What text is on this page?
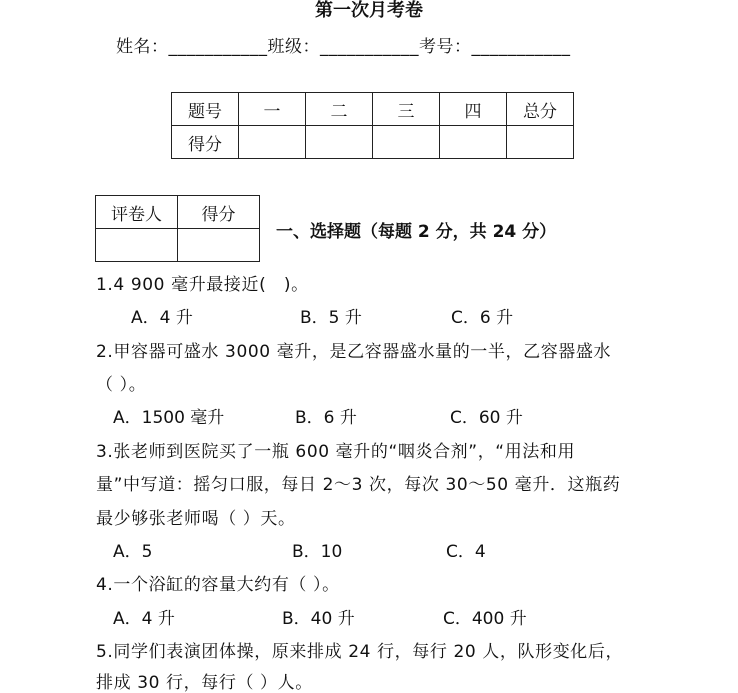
第一次月考卷
姓名：___________班级：___________考号：___________
题号	一	二	三	四	总分
得分					
评卷人	得分

一、选择题（每题 2 分，共 24 分）
1.4 900 毫升最接近(　)。
A．4 升	B．5 升	C．6 升
2.甲容器可盛水 3000 毫升，是乙容器盛水量的一半，乙容器盛水
（ ）。
A．1500 毫升	B．6 升	C．60 升
3.张老师到医院买了一瓶 600 毫升的“咽炎合剂”，“用法和用
量”中写道：摇匀口服，每日 2～3 次，每次 30～50 毫升．这瓶药
最少够张老师喝（ ）天。
A．5	B．10	C．4
4.一个浴缸的容量大约有（ ）。
A．4 升	B．40 升	C．400 升
5.同学们表演团体操，原来排成 24 行，每行 20 人，队形变化后，
排成 30 行，每行（ ）人。
